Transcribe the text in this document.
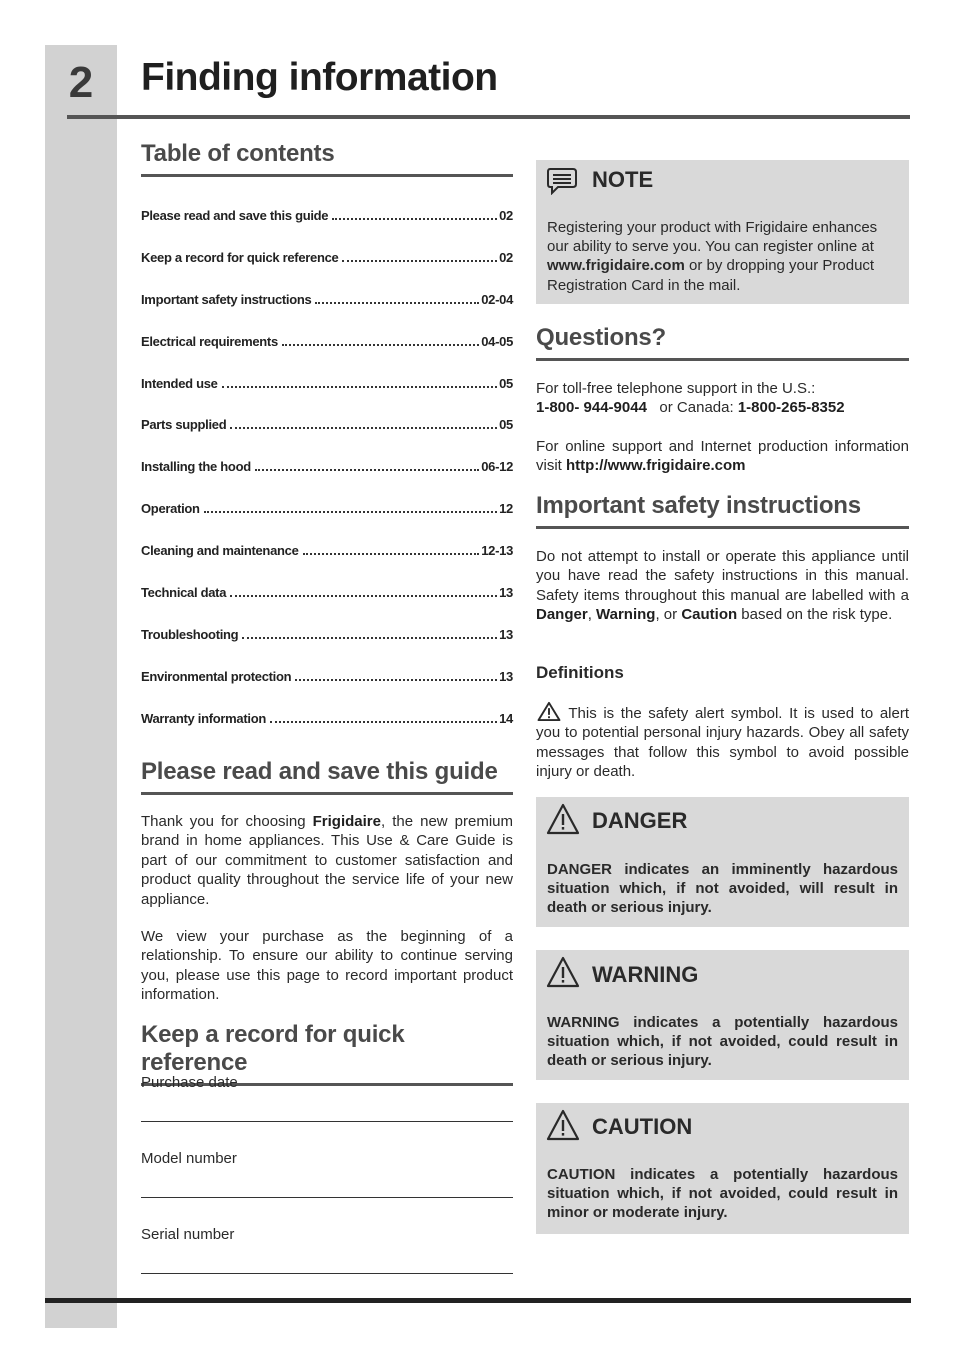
2	Finding information
Table of contents
Please read and save this guide	02
Keep a record for quick reference	02
Important safety instructions	02-04
Electrical requirements	04-05
Intended use	05
Parts supplied	05
Installing the hood	06-12
Operation	12
Cleaning and maintenance	12-13
Technical data	13
Troubleshooting	13
Environmental protection	13
Warranty information	14
Please read and save this guide

Thank you for choosing Frigidaire, the new premium brand in home appliances. This Use & Care Guide is part of our commitment to customer satisfaction and product quality throughout the service life of your new appliance.

We view your purchase as the beginning of a relationship. To ensure our ability to continue serving you, please use this page to record important product information.

Keep a record for quick reference
Purchase date
Model number
Serial number
NOTE

Registering your product with Frigidaire enhances our ability to serve you. You can register online at www.frigidaire.com or by dropping your Product Registration Card in the mail.

Questions?

For toll-free telephone support in the U.S.:
1-800- 944-9044   or Canada: 1-800-265-8352

For online support and Internet production information visit http://www.frigidaire.com

Important safety instructions

Do not attempt to install or operate this appliance until you have read the safety instructions in this manual. Safety items throughout this manual are labelled with a Danger, Warning, or Caution based on the risk type.

Definitions

This is the safety alert symbol. It is used to alert you to potential personal injury hazards. Obey all safety messages that follow this symbol to avoid possible injury or death.

DANGER

DANGER indicates an imminently hazardous situation which, if not avoided, will result in death or serious injury.

WARNING

WARNING indicates a potentially hazardous situation which, if not avoided, could result in death or serious injury.

CAUTION

CAUTION indicates a potentially hazardous situation which, if not avoided, could result in minor or moderate injury.
